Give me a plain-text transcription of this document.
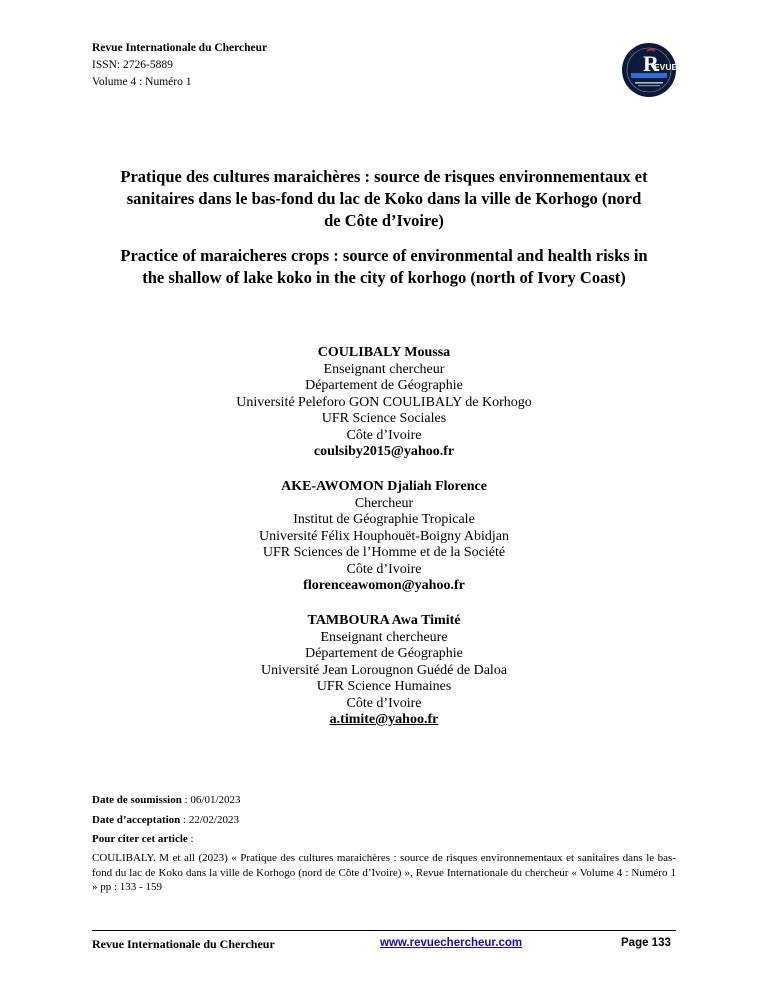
Revue Internationale du Chercheur
ISSN: 2726-5889
Volume 4 : Numéro 1
R
EVUE
Pratique des cultures maraichères : source de risques environnementaux et
sanitaires dans le bas-fond du lac de Koko dans la ville de Korhogo (nord
de Côte d’Ivoire)
Practice of maraicheres crops : source of environmental and health risks in
the shallow of lake koko in the city of korhogo (north of Ivory Coast)
COULIBALY Moussa
Enseignant chercheur
Département de Géographie
Université Peleforo GON COULIBALY de Korhogo
UFR Science Sociales
Côte d’Ivoire
coulsiby2015@yahoo.fr
AKE-AWOMON Djaliah Florence
Chercheur
Institut de Géographie Tropicale
Université Félix Houphouët-Boigny Abidjan
UFR Sciences de l’Homme et de la Société
Côte d’Ivoire
florenceawomon@yahoo.fr
TAMBOURA Awa Timité
Enseignant chercheure
Département de Géographie
Université Jean Lorougnon Guédé de Daloa
UFR Science Humaines
Côte d’Ivoire
a.timite@yahoo.fr
Date de soumission : 06/01/2023
Date d’acceptation : 22/02/2023
Pour citer cet article :
COULIBALY. M et all (2023) « Pratique des cultures maraichères : source de risques environnementaux et sanitaires dans le bas-fond du lac de Koko dans la ville de Korhogo (nord de Côte d’Ivoire) », Revue Internationale du chercheur « Volume 4 : Numéro 1 » pp : 133 - 159
Revue Internationale du Chercheur	www.revuechercheur.com	Page 133
